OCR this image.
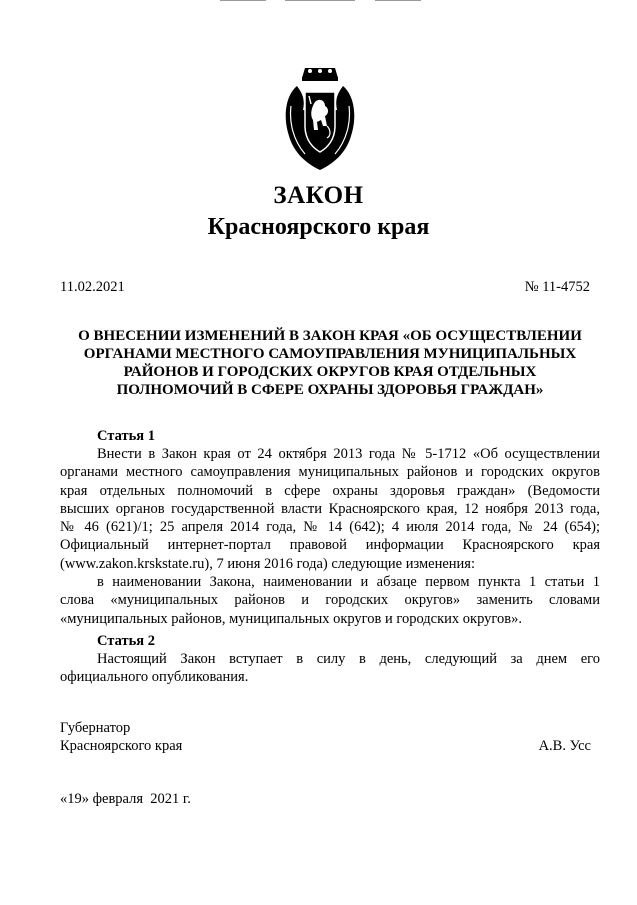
ЗАКОН
Красноярского края
11.02.2021	№ 11-4752
О ВНЕСЕНИИ ИЗМЕНЕНИЙ В ЗАКОН КРАЯ «ОБ ОСУЩЕСТВЛЕНИИ
ОРГАНАМИ МЕСТНОГО САМОУПРАВЛЕНИЯ МУНИЦИПАЛЬНЫХ
РАЙОНОВ И ГОРОДСКИХ ОКРУГОВ КРАЯ ОТДЕЛЬНЫХ
ПОЛНОМОЧИЙ В СФЕРЕ ОХРАНЫ ЗДОРОВЬЯ ГРАЖДАН»
Статья 1
Внести в Закон края от 24 октября 2013 года № 5-1712 «Об осуществлении
органами местного самоуправления муниципальных районов и городских округов
края отдельных полномочий в сфере охраны здоровья граждан» (Ведомости
высших органов государственной власти Красноярского края, 12 ноября 2013 года,
№ 46 (621)/1; 25 апреля 2014 года, № 14 (642); 4 июля 2014 года, № 24 (654);
Официальный интернет-портал правовой информации Красноярского края
(www.zakon.krskstate.ru), 7 июня 2016 года) следующие изменения:
в наименовании Закона, наименовании и абзаце первом пункта 1 статьи 1
слова «муниципальных районов и городских округов» заменить словами
«муниципальных районов, муниципальных округов и городских округов».
Статья 2
Настоящий Закон вступает в силу в день, следующий за днем его
официального опубликования.
Губернатор
Красноярского края	А.В. Усс
«19» февраля  2021 г.
